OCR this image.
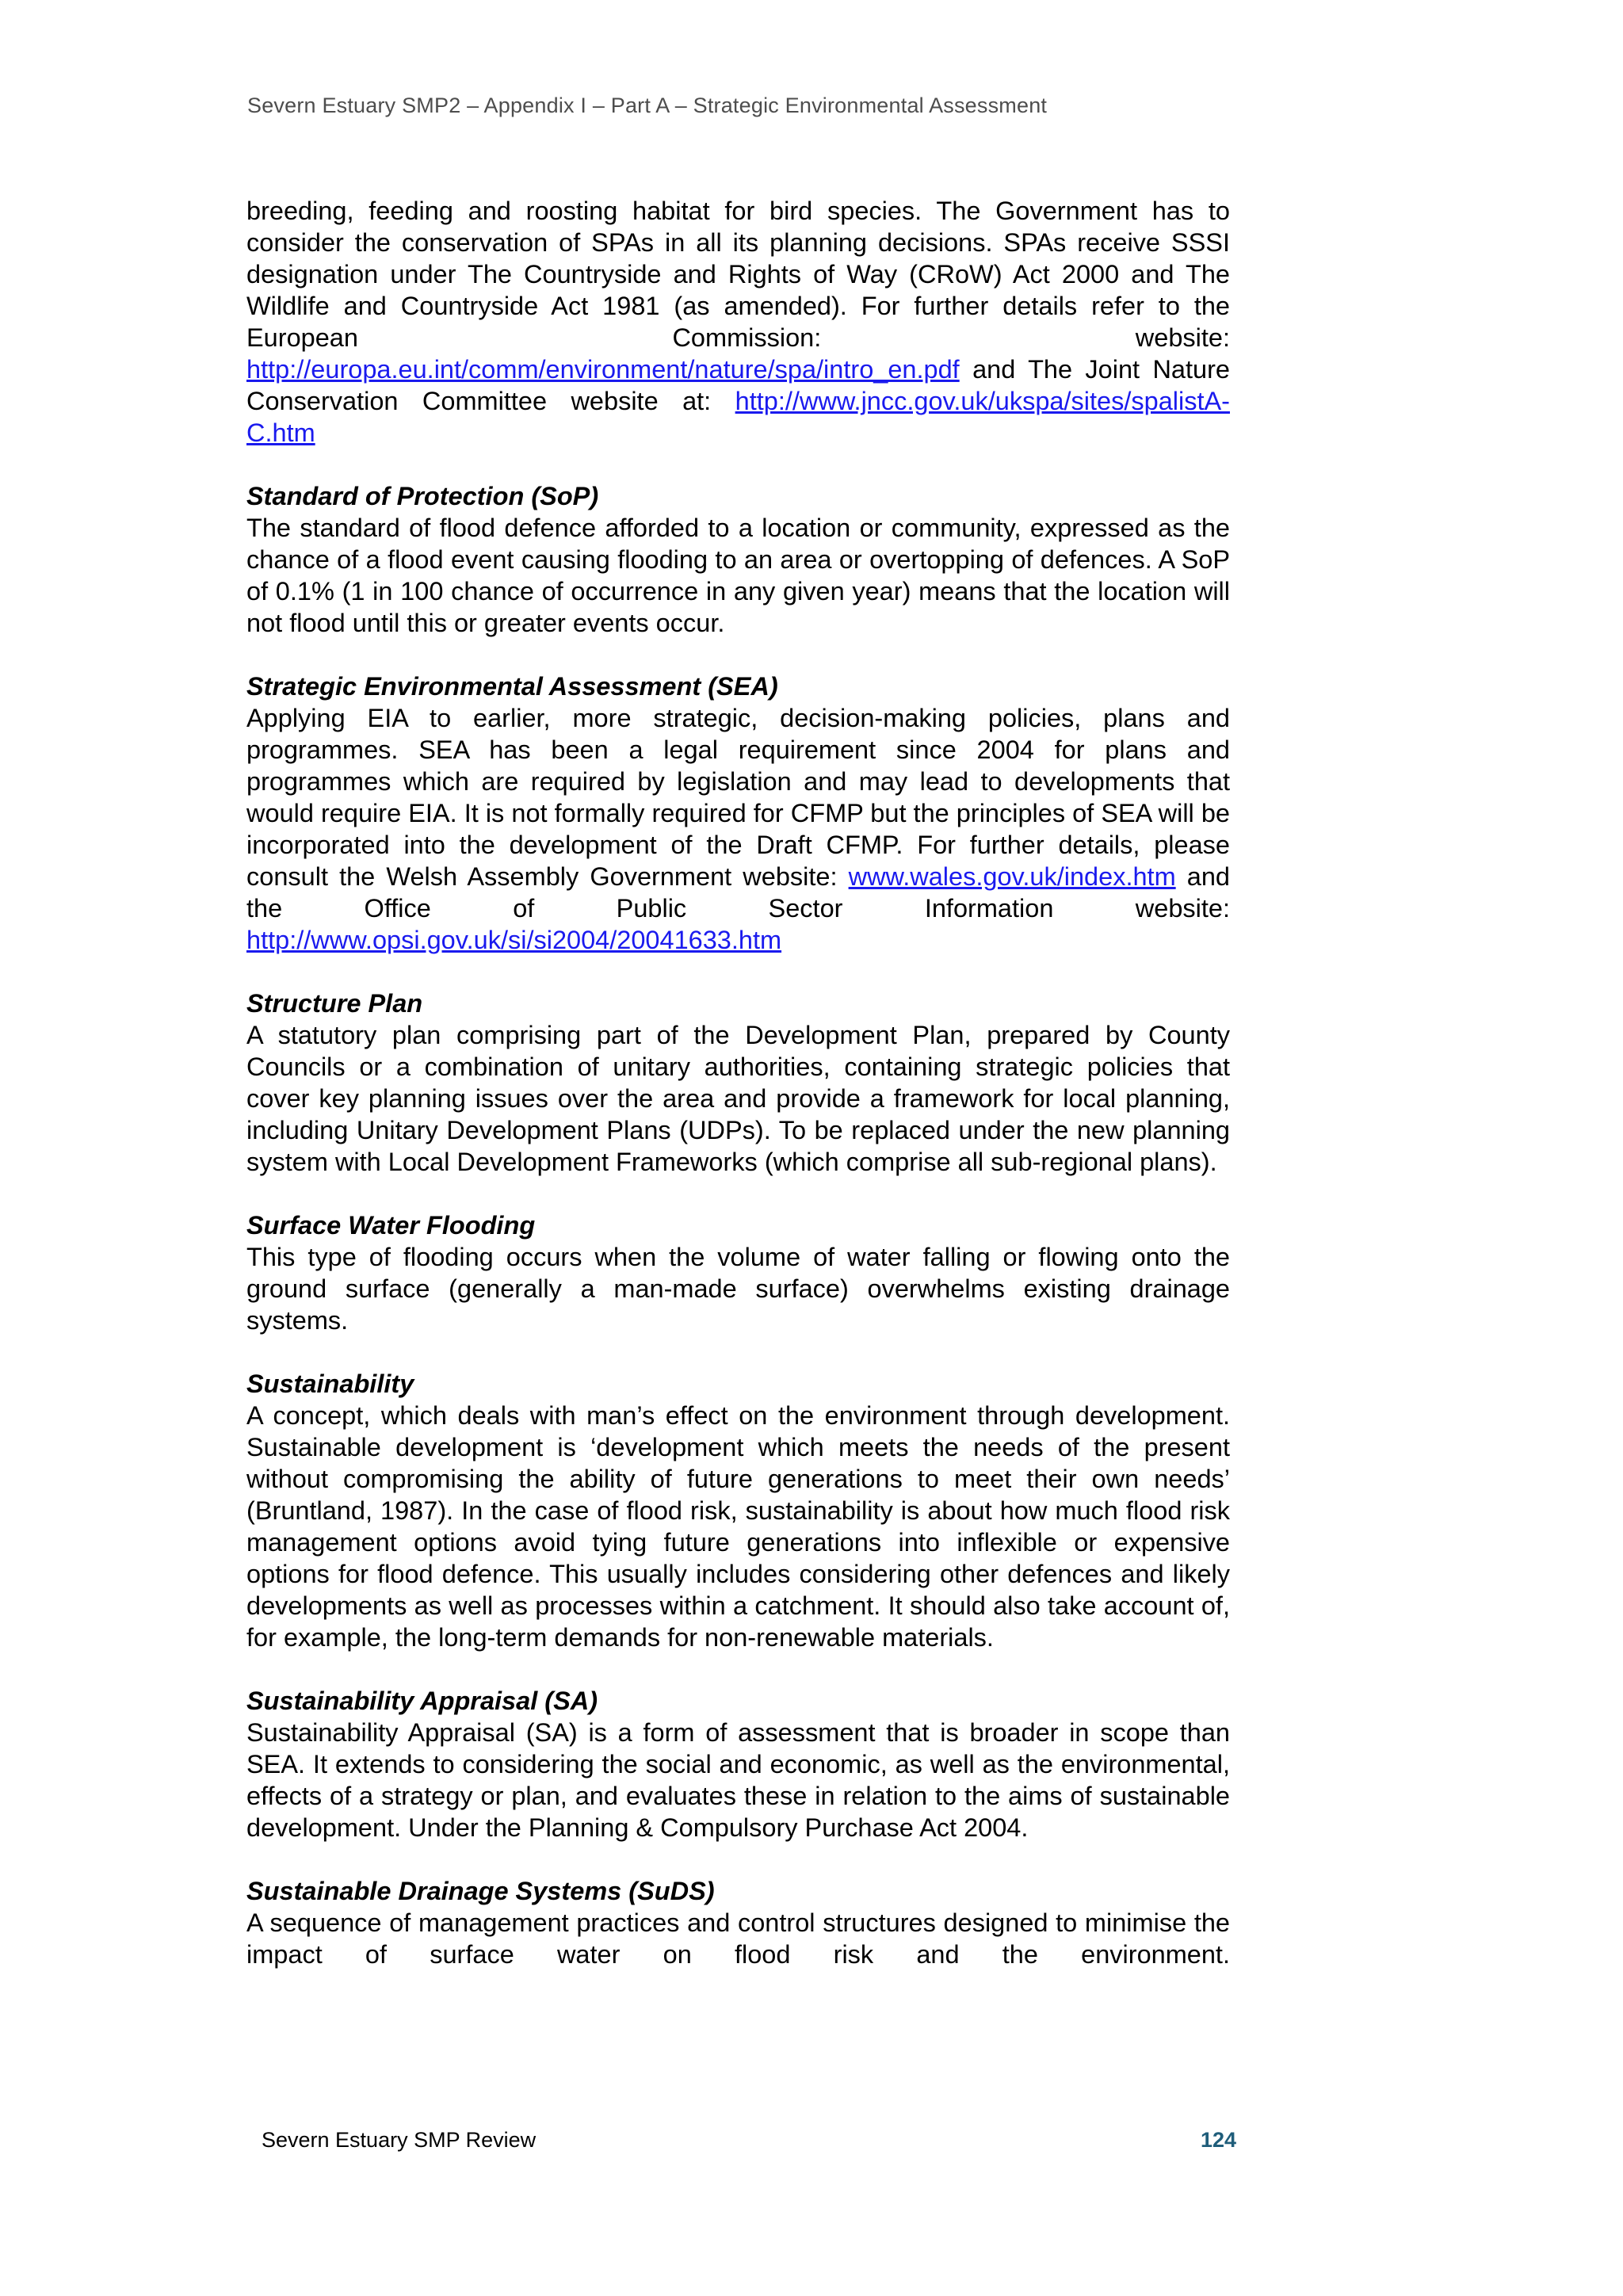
Severn Estuary SMP2 – Appendix I – Part A – Strategic Environmental Assessment

breeding, feeding and roosting habitat for bird species. The Government has to consider the conservation of SPAs in all its planning decisions. SPAs receive SSSI designation under The Countryside and Rights of Way (CRoW) Act 2000 and The Wildlife and Countryside Act 1981 (as amended). For further details refer to the European Commission: website: http://europa.eu.int/comm/environment/nature/spa/intro_en.pdf and The Joint Nature Conservation Committee website at: http://www.jncc.gov.uk/ukspa/sites/spalistA-C.htm

Standard of Protection (SoP)

The standard of flood defence afforded to a location or community, expressed as the chance of a flood event causing flooding to an area or overtopping of defences. A SoP of 0.1% (1 in 100 chance of occurrence in any given year) means that the location will not flood until this or greater events occur.

Strategic Environmental Assessment (SEA)

Applying EIA to earlier, more strategic, decision-making policies, plans and programmes. SEA has been a legal requirement since 2004 for plans and programmes which are required by legislation and may lead to developments that would require EIA. It is not formally required for CFMP but the principles of SEA will be incorporated into the development of the Draft CFMP. For further details, please consult the Welsh Assembly Government website: www.wales.gov.uk/index.htm and the Office of Public Sector Information website: http://www.opsi.gov.uk/si/si2004/20041633.htm

Structure Plan

A statutory plan comprising part of the Development Plan, prepared by County Councils or a combination of unitary authorities, containing strategic policies that cover key planning issues over the area and provide a framework for local planning, including Unitary Development Plans (UDPs). To be replaced under the new planning system with Local Development Frameworks (which comprise all sub-regional plans).

Surface Water Flooding

This type of flooding occurs when the volume of water falling or flowing onto the ground surface (generally a man-made surface) overwhelms existing drainage systems.

Sustainability

A concept, which deals with man’s effect on the environment through development. Sustainable development is ‘development which meets the needs of the present without compromising the ability of future generations to meet their own needs’ (Bruntland, 1987). In the case of flood risk, sustainability is about how much flood risk management options avoid tying future generations into inflexible or expensive options for flood defence. This usually includes considering other defences and likely developments as well as processes within a catchment. It should also take account of, for example, the long-term demands for non-renewable materials.

Sustainability Appraisal (SA)

Sustainability Appraisal (SA) is a form of assessment that is broader in scope than SEA. It extends to considering the social and economic, as well as the environmental, effects of a strategy or plan, and evaluates these in relation to the aims of sustainable development. Under the Planning & Compulsory Purchase Act 2004.

Sustainable Drainage Systems (SuDS)

A sequence of management practices and control structures designed to minimise the impact of surface water on flood risk and the environment.

Severn Estuary SMP Review	124
